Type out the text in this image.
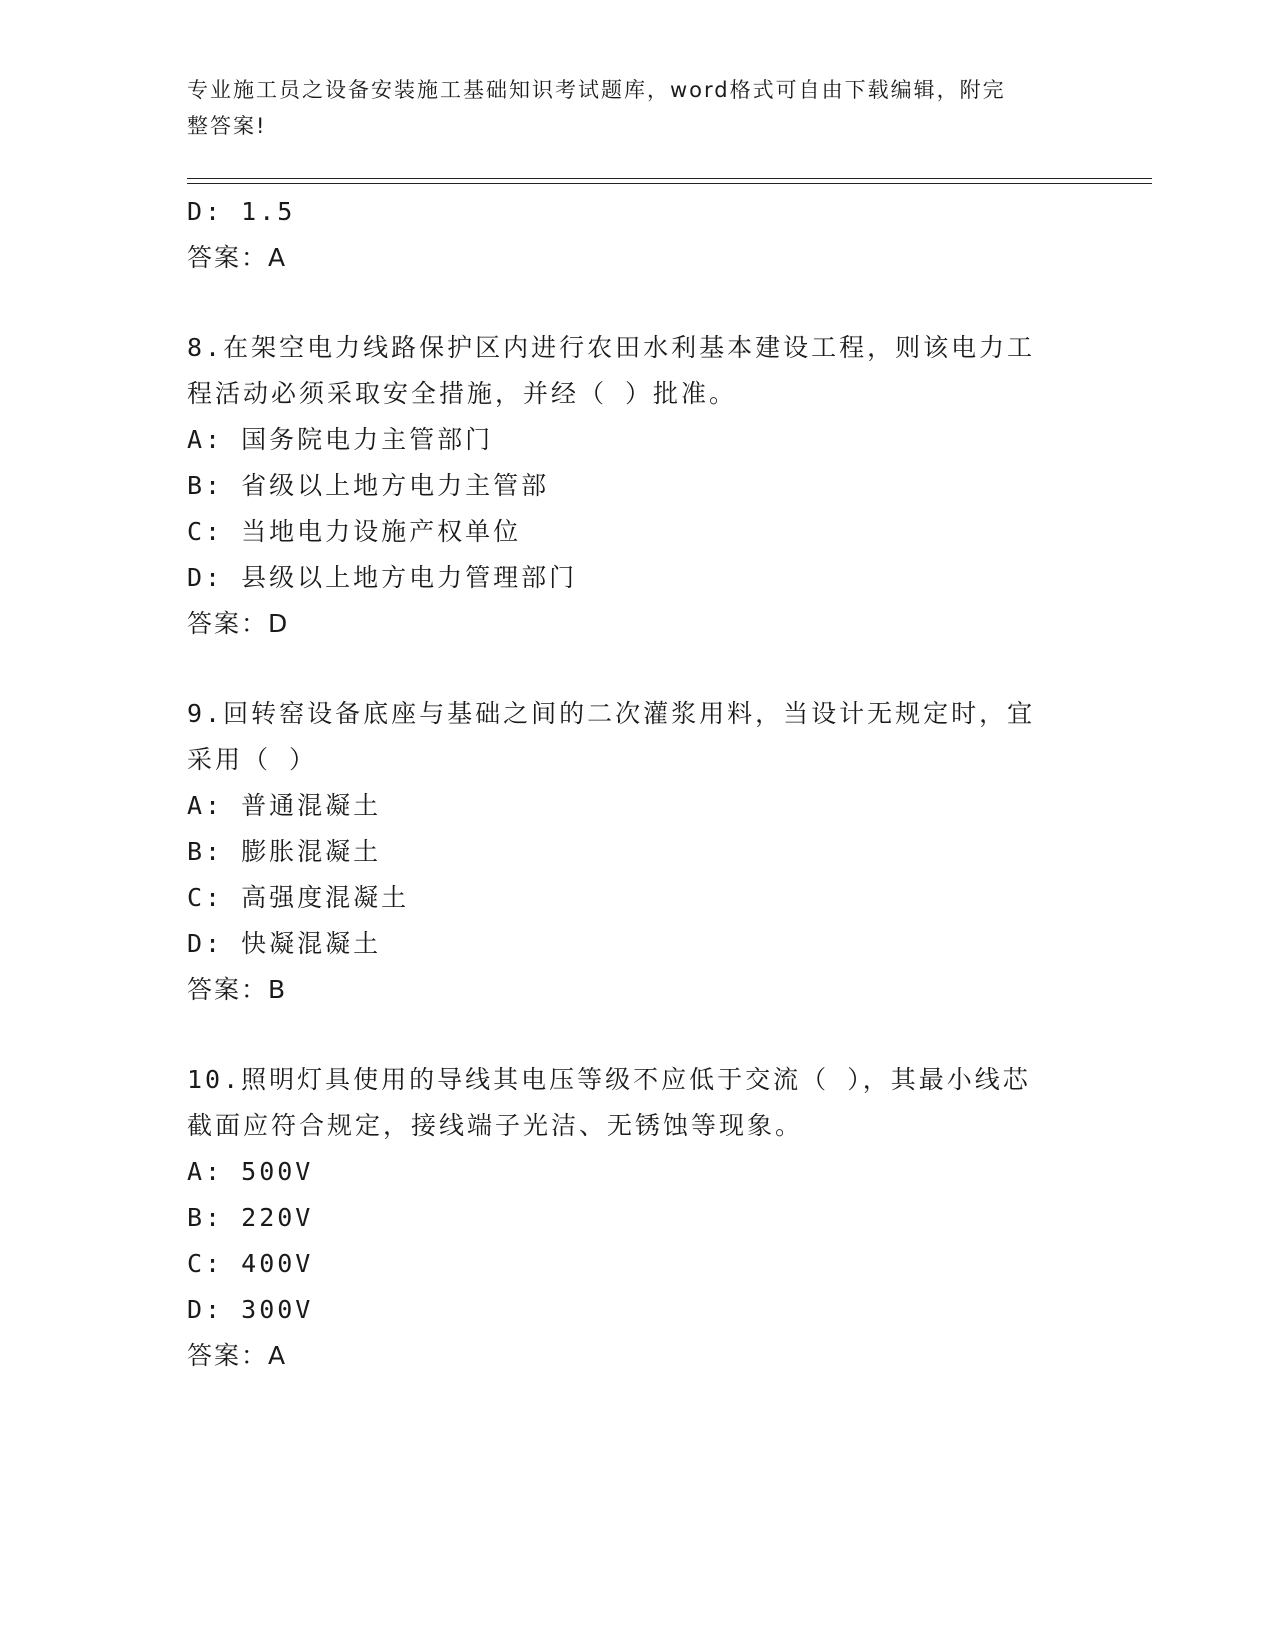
专业施工员之设备安装施工基础知识考试题库，word格式可自由下载编辑，附完
整答案!
D: 1.5
答案：A
8.在架空电力线路保护区内进行农田水利基本建设工程，则该电力工
程活动必须采取安全措施，并经（ ）批准。
A: 国务院电力主管部门
B: 省级以上地方电力主管部
C: 当地电力设施产权单位
D: 县级以上地方电力管理部门
答案：D
9.回转窑设备底座与基础之间的二次灌浆用料，当设计无规定时，宜
采用（ ）
A: 普通混凝土
B: 膨胀混凝土
C: 高强度混凝土
D: 快凝混凝土
答案：B
10.照明灯具使用的导线其电压等级不应低于交流（ ），其最小线芯
截面应符合规定，接线端子光洁、无锈蚀等现象。
A: 500V
B: 220V
C: 400V
D: 300V
答案：A
